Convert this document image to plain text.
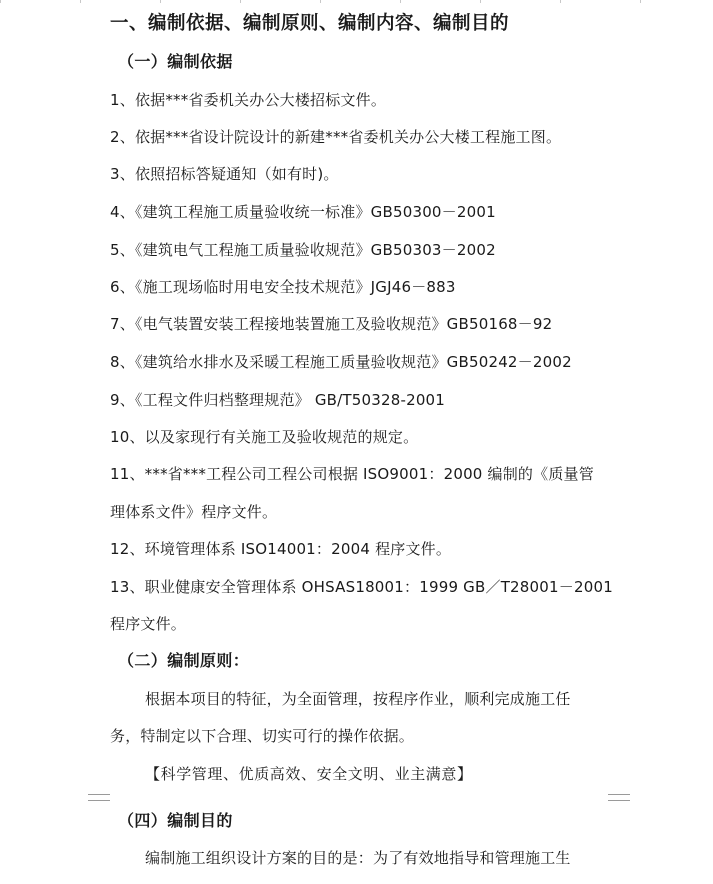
一、编制依据、编制原则、编制内容、编制目的
（一）编制依据
1、依据***省委机关办公大楼招标文件。
2、依据***省设计院设计的新建***省委机关办公大楼工程施工图。
3、依照招标答疑通知（如有时)。
4、《建筑工程施工质量验收统一标准》GB50300－2001
5、《建筑电气工程施工质量验收规范》GB50303－2002
6、《施工现场临时用电安全技术规范》JGJ46－883
7、《电气装置安装工程接地装置施工及验收规范》GB50168－92
8、《建筑给水排水及采暖工程施工质量验收规范》GB50242－2002
9、《工程文件归档整理规范》 GB/T50328-2001
10、以及家现行有关施工及验收规范的规定。
11、***省***工程公司工程公司根据 ISO9001：2000 编制的《质量管
理体系文件》程序文件。
12、环境管理体系 ISO14001：2004 程序文件。
13、职业健康安全管理体系 OHSAS18001：1999 GB／T28001－2001
程序文件。
（二）编制原则：
根据本项目的特征，为全面管理，按程序作业，顺利完成施工任
务，特制定以下合理、切实可行的操作依据。
【科学管理、优质高效、安全文明、业主满意】
（四）编制目的
编制施工组织设计方案的目的是：为了有效地指导和管理施工生
